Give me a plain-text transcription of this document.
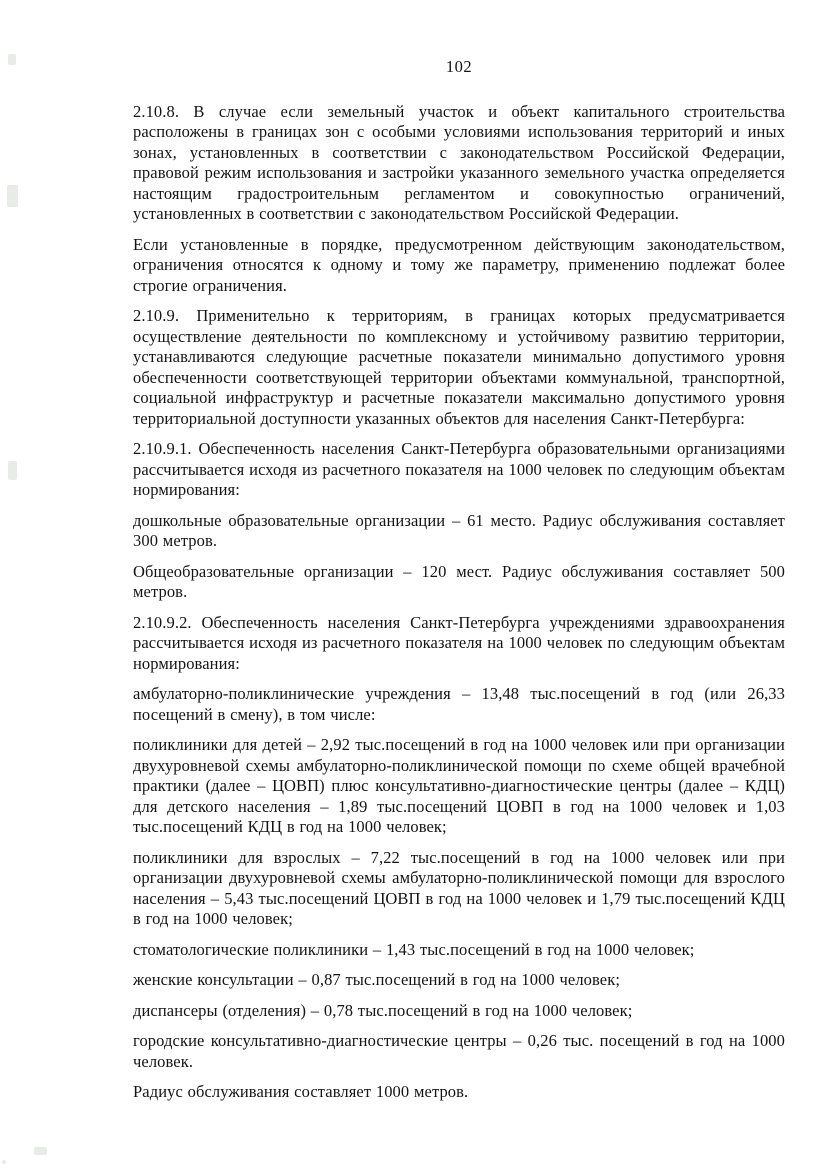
102

2.10.8. В случае если земельный участок и объект капитального строительства расположены в границах зон с особыми условиями использования территорий и иных зонах, установленных в соответствии с законодательством Российской Федерации, правовой режим использования и застройки указанного земельного участка определяется настоящим градостроительным регламентом и совокупностью ограничений, установленных в соответствии с законодательством Российской Федерации.

Если установленные в порядке, предусмотренном действующим законодательством, ограничения относятся к одному и тому же параметру, применению подлежат более строгие ограничения.

2.10.9. Применительно к территориям, в границах которых предусматривается осуществление деятельности по комплексному и устойчивому развитию территории, устанавливаются следующие расчетные показатели минимально допустимого уровня обеспеченности соответствующей территории объектами коммунальной, транспортной, социальной инфраструктур и расчетные показатели максимально допустимого уровня территориальной доступности указанных объектов для населения Санкт-Петербурга:

2.10.9.1. Обеспеченность населения Санкт-Петербурга образовательными организациями рассчитывается исходя из расчетного показателя на 1000 человек по следующим объектам нормирования:

дошкольные образовательные организации – 61 место. Радиус обслуживания составляет 300 метров.

Общеобразовательные организации – 120 мест. Радиус обслуживания составляет 500 метров.

2.10.9.2. Обеспеченность населения Санкт-Петербурга учреждениями здравоохранения рассчитывается исходя из расчетного показателя на 1000 человек по следующим объектам нормирования:

амбулаторно-поликлинические учреждения – 13,48 тыс.посещений в год (или 26,33 посещений в смену), в том числе:

поликлиники для детей – 2,92 тыс.посещений в год на 1000 человек или при организации двухуровневой схемы амбулаторно-поликлинической помощи по схеме общей врачебной практики (далее – ЦОВП) плюс консультативно-диагностические центры (далее – КДЦ) для детского населения – 1,89 тыс.посещений ЦОВП в год на 1000 человек и 1,03 тыс.посещений КДЦ в год на 1000 человек;

поликлиники для взрослых – 7,22 тыс.посещений в год на 1000 человек или при организации двухуровневой схемы амбулаторно-поликлинической помощи для взрослого населения – 5,43 тыс.посещений ЦОВП в год на 1000 человек и 1,79 тыс.посещений КДЦ в год на 1000 человек;

стоматологические поликлиники – 1,43 тыс.посещений в год на 1000 человек;

женские консультации – 0,87 тыс.посещений в год на 1000 человек;

диспансеры (отделения) – 0,78 тыс.посещений в год на 1000 человек;

городские консультативно-диагностические центры – 0,26 тыс. посещений в год на 1000 человек.

Радиус обслуживания составляет 1000 метров.
